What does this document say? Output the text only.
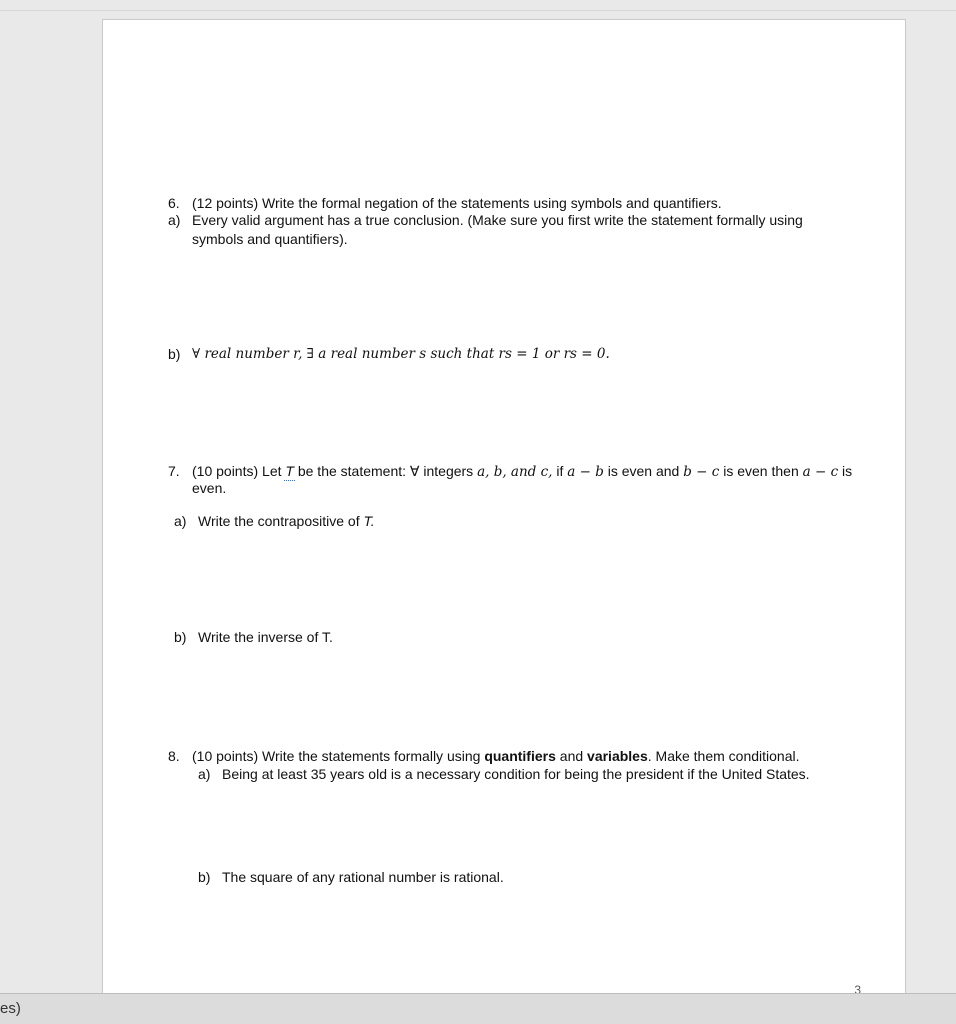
6. (12 points) Write the formal negation of the statements using symbols and quantifiers.
a) Every valid argument has a true conclusion. (Make sure you first write the statement formally using
symbols and quantifiers).
b) ∀ real number r, ∃ a real number s such that rs = 1 or rs = 0.
7. (10 points) Let T be the statement: ∀ integers a, b, and c, if a − b is even and b − c is even then a − c is
even.
a) Write the contrapositive of T.
b) Write the inverse of T.
8. (10 points) Write the statements formally using quantifiers and variables. Make them conditional.
a) Being at least 35 years old is a necessary condition for being the president if the United States.
b) The square of any rational number is rational.
3
es)
